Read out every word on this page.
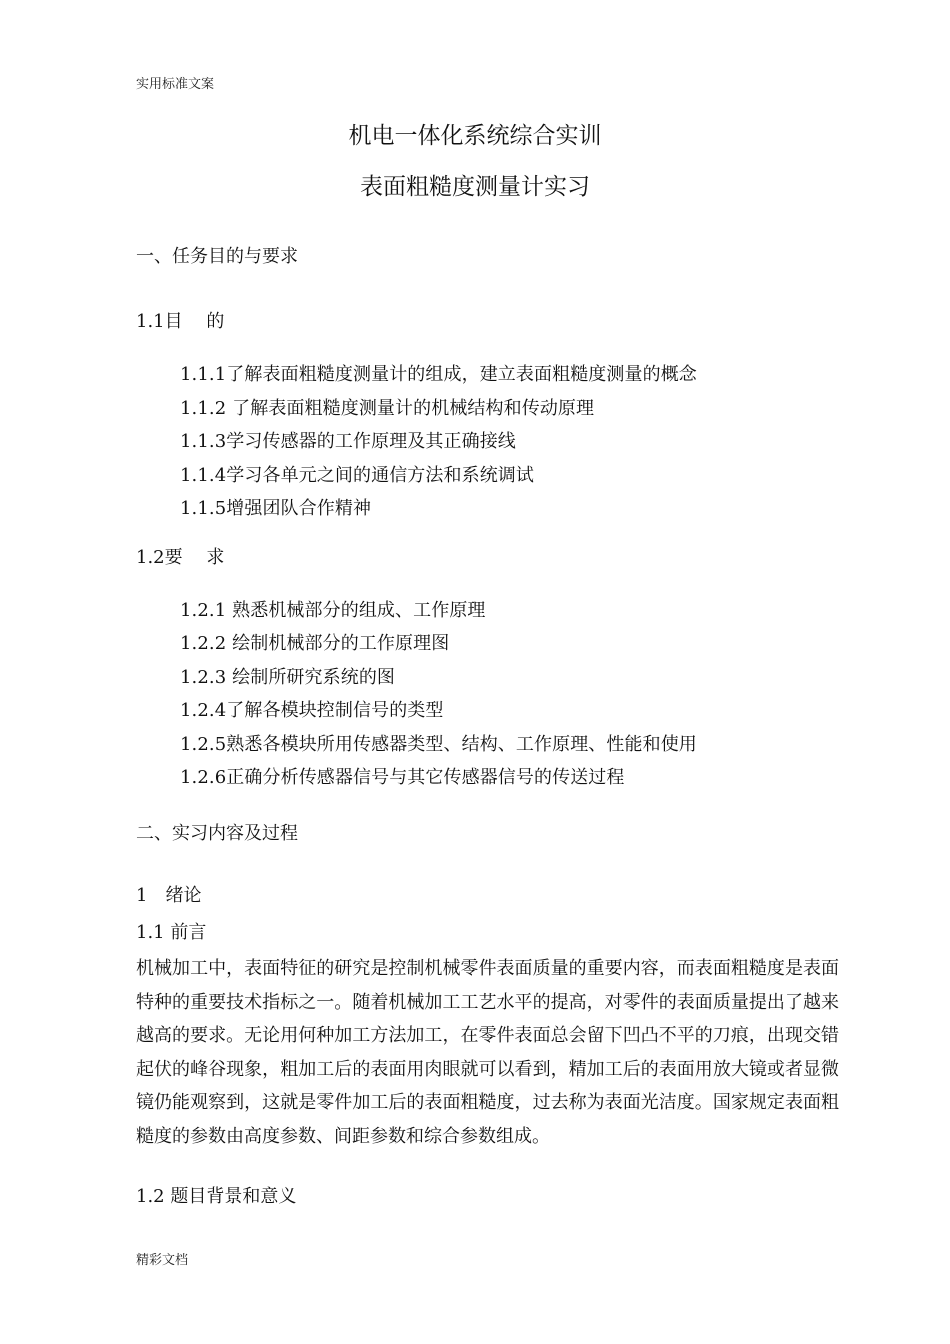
实用标准文案
机电一体化系统综合实训
表面粗糙度测量计实习
一、任务目的与要求
1.1目　 的
1.1.1了解表面粗糙度测量计的组成，建立表面粗糙度测量的概念
1.1.2 了解表面粗糙度测量计的机械结构和传动原理
1.1.3学习传感器的工作原理及其正确接线
1.1.4学习各单元之间的通信方法和系统调试
1.1.5增强团队合作精神
1.2要　 求
1.2.1 熟悉机械部分的组成、工作原理
1.2.2 绘制机械部分的工作原理图
1.2.3 绘制所研究系统的图
1.2.4了解各模块控制信号的类型
1.2.5熟悉各模块所用传感器类型、结构、工作原理、性能和使用
1.2.6正确分析传感器信号与其它传感器信号的传送过程
二、实习内容及过程
1　绪论
1.1 前言
机械加工中，表面特征的研究是控制机械零件表面质量的重要内容，而表面粗糙度是表面特种的重要技术指标之一。随着机械加工工艺水平的提高，对零件的表面质量提出了越来越高的要求。无论用何种加工方法加工，在零件表面总会留下凹凸不平的刀痕，出现交错起伏的峰谷现象，粗加工后的表面用肉眼就可以看到，精加工后的表面用放大镜或者显微镜仍能观察到，这就是零件加工后的表面粗糙度，过去称为表面光洁度。国家规定表面粗糙度的参数由高度参数、间距参数和综合参数组成。
1.2 题目背景和意义
精彩文档
